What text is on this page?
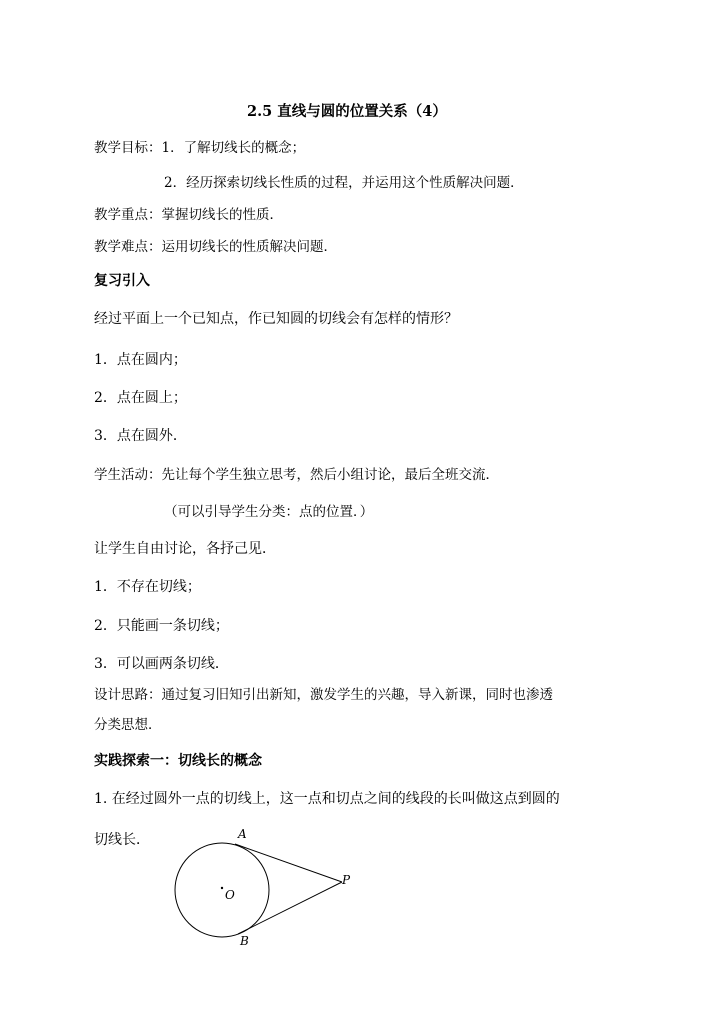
2.5 直线与圆的位置关系（4）
教学目标：1．了解切线长的概念；
2．经历探索切线长性质的过程，并运用这个性质解决问题．
教学重点：掌握切线长的性质．
教学难点：运用切线长的性质解决问题．
复习引入
经过平面上一个已知点，作已知圆的切线会有怎样的情形？
1．点在圆内；
2．点在圆上；
3．点在圆外．
学生活动：先让每个学生独立思考，然后小组讨论，最后全班交流．
（可以引导学生分类：点的位置．）
让学生自由讨论，各抒己见．
1．不存在切线；
2．只能画一条切线；
3．可以画两条切线．
设计思路：通过复习旧知引出新知，激发学生的兴趣，导入新课，同时也渗透
分类思想．
实践探索一：切线长的概念
1. 在经过圆外一点的切线上，这一点和切点之间的线段的长叫做这点到圆的
切线长．	A
B
O
P
